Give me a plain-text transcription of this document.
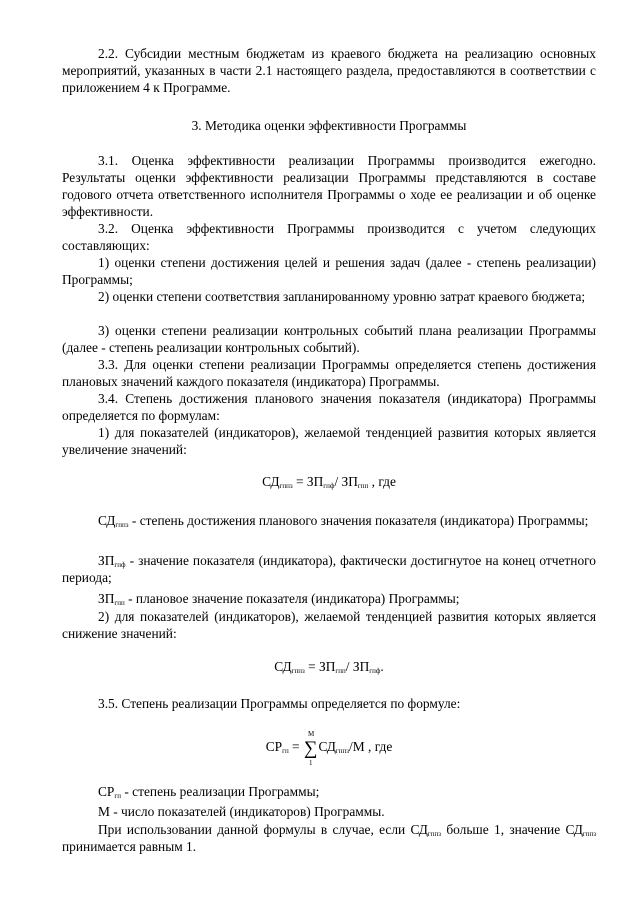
2.2. Субсидии местным бюджетам из краевого бюджета на реализацию основных мероприятий, указанных в части 2.1 настоящего раздела, предоставляются в соответствии с приложением 4 к Программе.

3. Методика оценки эффективности Программы

3.1. Оценка эффективности реализации Программы производится ежегодно. Результаты оценки эффективности реализации Программы представляются в составе годового отчета ответственного исполнителя Программы о ходе ее реализации и об оценке эффективности.

3.2. Оценка эффективности Программы производится с учетом следующих составляющих:

1) оценки степени достижения целей и решения задач (далее - степень реализации) Программы;

2) оценки степени соответствия запланированному уровню затрат краевого бюджета;

3) оценки степени реализации контрольных событий плана реализации Программы (далее - степень реализации контрольных событий).

3.3. Для оценки степени реализации Программы определяется степень достижения плановых значений каждого показателя (индикатора) Программы.

3.4. Степень достижения планового значения показателя (индикатора) Программы определяется по формулам:

1) для показателей (индикаторов), желаемой тенденцией развития которых является увеличение значений:

$СД_{гппз} = ЗП_{гпф}/$ $ЗП_{гпп}$ , где

$СД_{гппз}$ - степень достижения планового значения показателя (индикатора) Программы;

$ЗП_{гпф}$ - значение показателя (индикатора), фактически достигнутое на конец отчетного периода;

$ЗП_{гпп}$ - плановое значение показателя (индикатора) Программы;

2) для показателей (индикаторов), желаемой тенденцией развития которых является снижение значений:

$СД_{гппз} = ЗП_{гпп}/$ $ЗП_{гпф}$.

3.5. Степень реализации Программы определяется по формуле:

$СР_{гп}$ = ∑
М
1
$СД_{гппз}/М$ , где

$СР_{гп}$ - степень реализации Программы;

М - число показателей (индикаторов) Программы.

При использовании данной формулы в случае, если $СД_{гппз}$ больше 1, значение $СД_{гппз}$ принимается равным 1.
